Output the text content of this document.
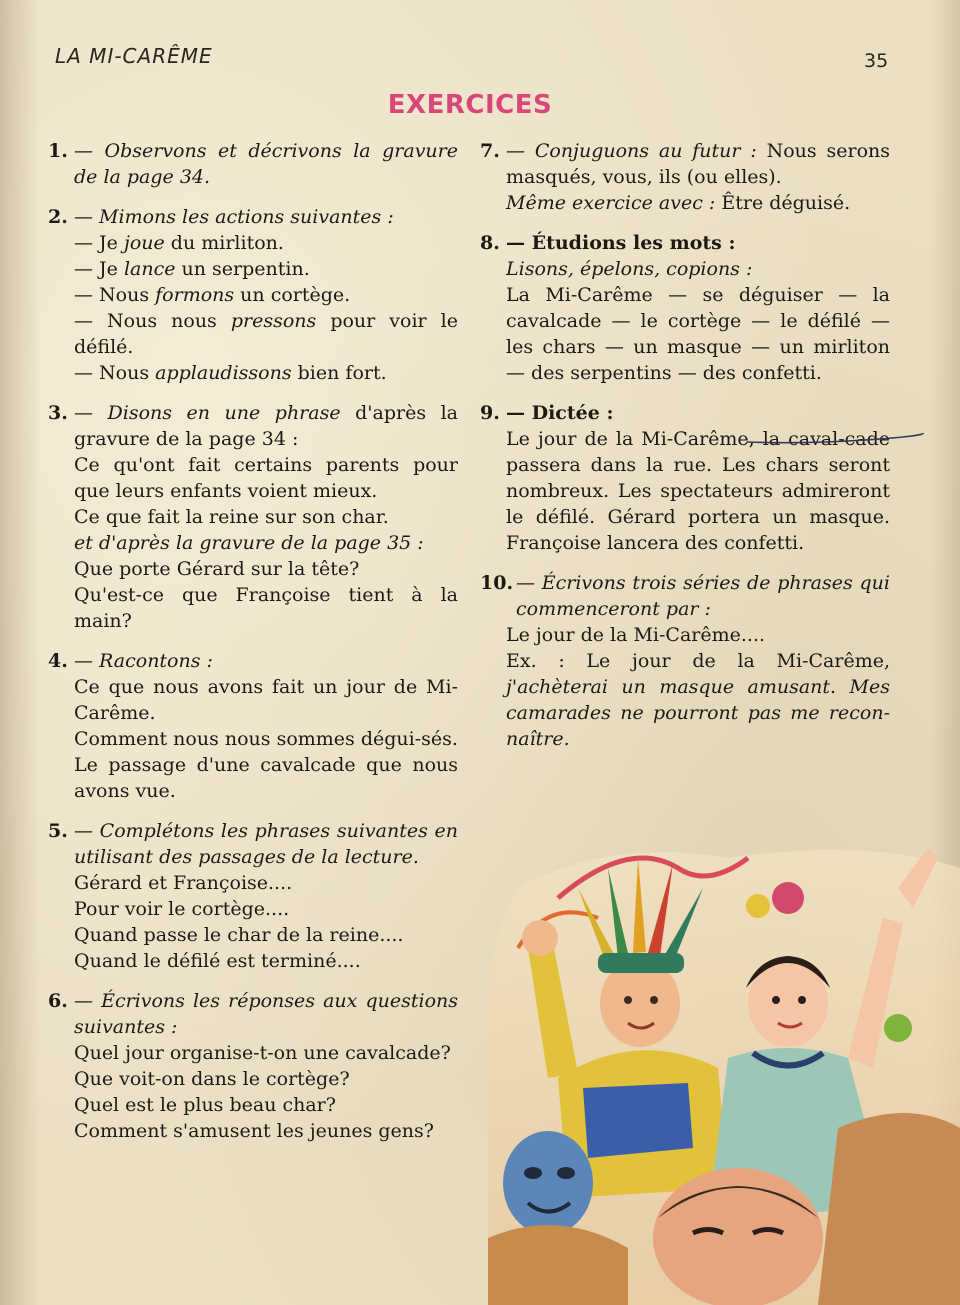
LA MI-CARÊME	35
EXERCICES
1. — Observons et décrivons la gravure de la page 34.
2. — Mimons les actions suivantes :
— Je joue du mirliton.
— Je lance un serpentin.
— Nous formons un cortège.
— Nous nous pressons pour voir le défilé.
— Nous applaudissons bien fort.
3. — Disons en une phrase d'après la gravure de la page 34 :
Ce qu'ont fait certains parents pour que leurs enfants voient mieux.
Ce que fait la reine sur son char.
et d'après la gravure de la page 35 :
Que porte Gérard sur la tête?
Qu'est-ce que Françoise tient à la main?
4. — Racontons :
Ce que nous avons fait un jour de Mi-Carême.
Comment nous nous sommes dégui-sés.
Le passage d'une cavalcade que nous avons vue.
5. — Complétons les phrases suivantes en utilisant des passages de la lecture.
Gérard et Françoise....
Pour voir le cortège....
Quand passe le char de la reine....
Quand le défilé est terminé....
6. — Écrivons les réponses aux questions suivantes :
Quel jour organise-t-on une cavalcade?
Que voit-on dans le cortège?
Quel est le plus beau char?
Comment s'amusent les jeunes gens?
7. — Conjuguons au futur : Nous serons masqués, vous, ils (ou elles).
Même exercice avec : Être déguisé.
8. — Étudions les mots :
Lisons, épelons, copions :
La Mi-Carême — se déguiser — la cavalcade — le cortège — le défilé — les chars — un masque — un mirliton — des serpentins — des confetti.
9. — Dictée :
Le jour de la Mi-Carême, la caval-cade passera dans la rue. Les chars seront nombreux. Les spectateurs admireront le défilé. Gérard portera un masque. Françoise lancera des confetti.
10. — Écrivons trois séries de phrases qui commenceront par :
Le jour de la Mi-Carême....
Ex. : Le jour de la Mi-Carême, j'achèterai un masque amusant. Mes camarades ne pourront pas me recon-naître.
